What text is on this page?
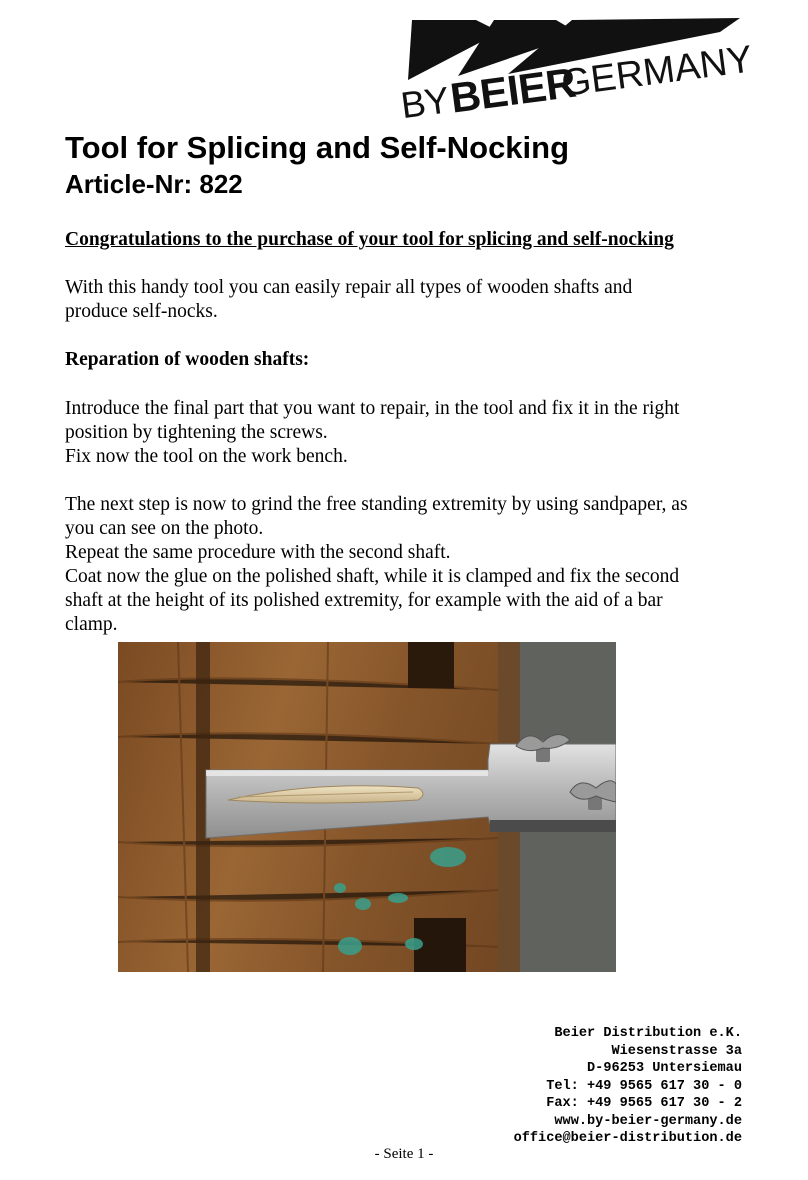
BY
BEIER
GERMANY
Tool for Splicing and Self-Nocking
Article-Nr: 822
Congratulations to the purchase of your tool for splicing and self-nocking
With this handy tool you can easily repair all types of wooden shafts and
produce self-nocks.
Reparation of wooden shafts:
Introduce the final part that you want to repair, in the tool and fix it in the right
position by tightening the screws.
Fix now the tool on the work bench.
The next step is now to grind the free standing extremity by using sandpaper, as
you can see on the photo.
Repeat the same procedure with the second shaft.
Coat now the glue on the polished shaft, while it is clamped and fix the second
shaft at the height of its polished extremity, for example with the aid of a bar
clamp.
Beier Distribution e.K.
Wiesenstrasse 3a
D-96253 Untersiemau
Tel: +49 9565 617 30 - 0
Fax: +49 9565 617 30 - 2
www.by-beier-germany.de
office@beier-distribution.de
- Seite 1 -
